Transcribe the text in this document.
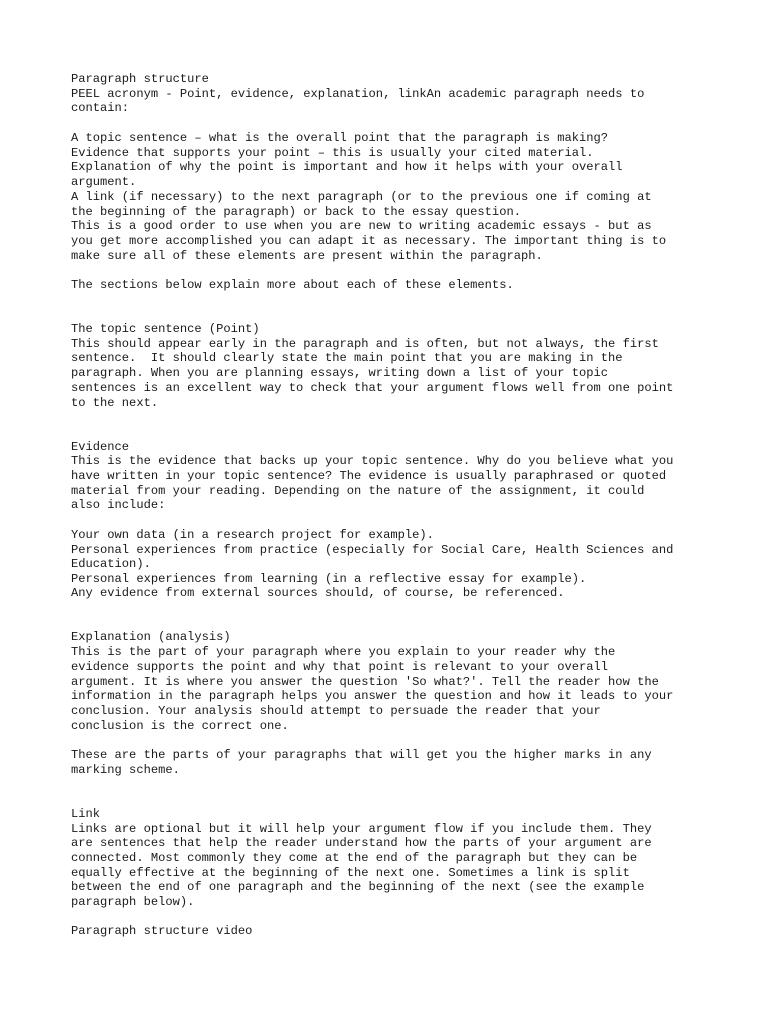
Paragraph structure

PEEL acronym - Point, evidence, explanation, linkAn academic paragraph needs to

contain:

A topic sentence – what is the overall point that the paragraph is making?

Evidence that supports your point – this is usually your cited material.

Explanation of why the point is important and how it helps with your overall

argument.

A link (if necessary) to the next paragraph (or to the previous one if coming at

the beginning of the paragraph) or back to the essay question.

This is a good order to use when you are new to writing academic essays - but as

you get more accomplished you can adapt it as necessary. The important thing is to

make sure all of these elements are present within the paragraph.

The sections below explain more about each of these elements.

The topic sentence (Point)

This should appear early in the paragraph and is often, but not always, the first

sentence.  It should clearly state the main point that you are making in the

paragraph. When you are planning essays, writing down a list of your topic

sentences is an excellent way to check that your argument flows well from one point

to the next.

Evidence

This is the evidence that backs up your topic sentence. Why do you believe what you

have written in your topic sentence? The evidence is usually paraphrased or quoted

material from your reading. Depending on the nature of the assignment, it could

also include:

Your own data (in a research project for example).

Personal experiences from practice (especially for Social Care, Health Sciences and

Education).

Personal experiences from learning (in a reflective essay for example).

Any evidence from external sources should, of course, be referenced.

Explanation (analysis)

This is the part of your paragraph where you explain to your reader why the

evidence supports the point and why that point is relevant to your overall

argument. It is where you answer the question 'So what?'. Tell the reader how the

information in the paragraph helps you answer the question and how it leads to your

conclusion. Your analysis should attempt to persuade the reader that your

conclusion is the correct one.

These are the parts of your paragraphs that will get you the higher marks in any

marking scheme.

Link

Links are optional but it will help your argument flow if you include them. They

are sentences that help the reader understand how the parts of your argument are

connected. Most commonly they come at the end of the paragraph but they can be

equally effective at the beginning of the next one. Sometimes a link is split

between the end of one paragraph and the beginning of the next (see the example

paragraph below).

Paragraph structure video
